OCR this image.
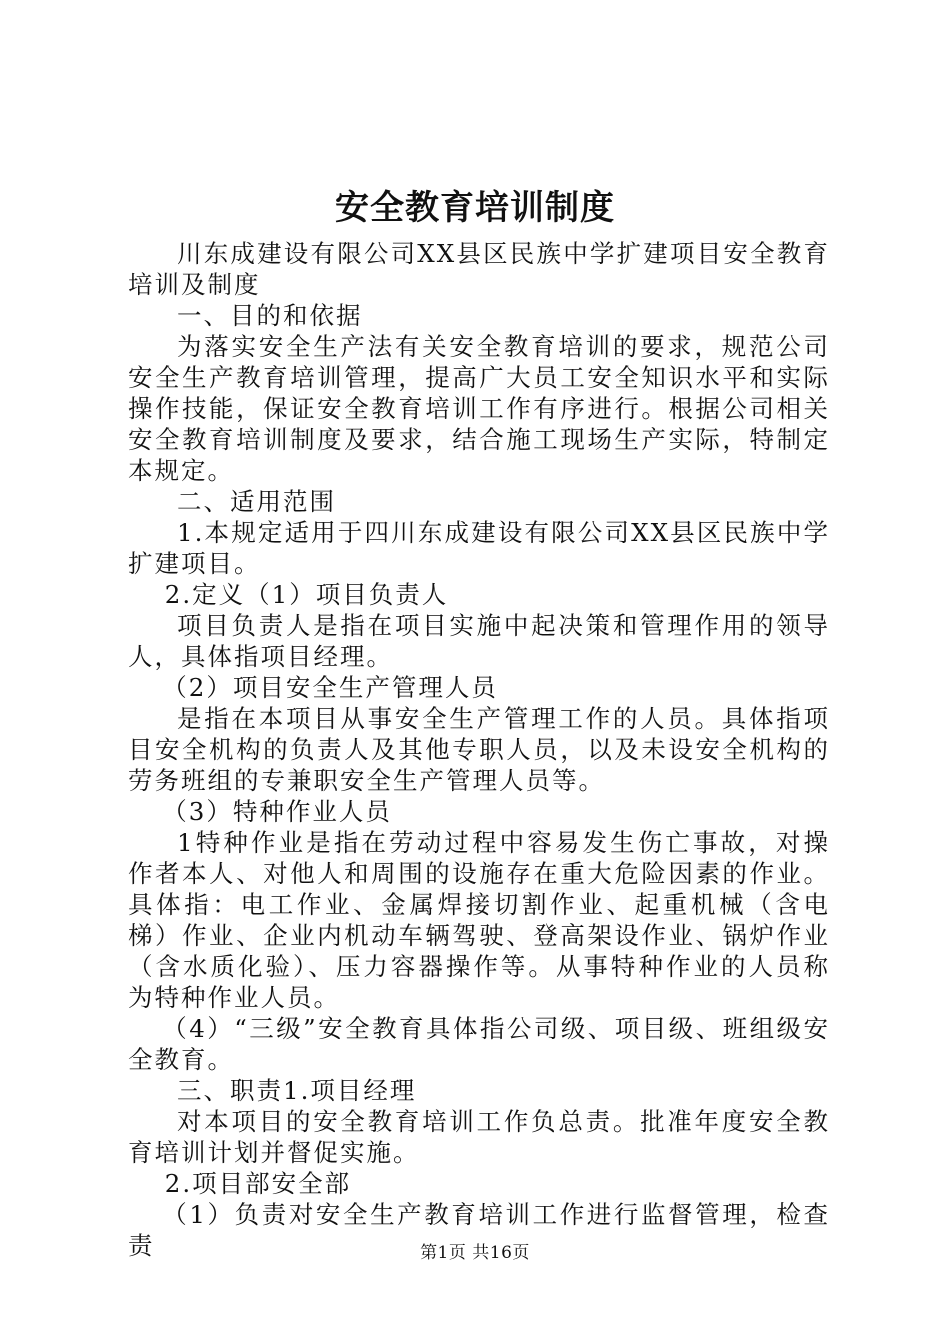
安全教育培训制度

川东成建设有限公司XX县区民族中学扩建项目安全教育培训及制度

一、目的和依据

为落实安全生产法有关安全教育培训的要求，规范公司安全生产教育培训管理，提高广大员工安全知识水平和实际操作技能，保证安全教育培训工作有序进行。根据公司相关安全教育培训制度及要求，结合施工现场生产实际，特制定本规定。

二、适用范围

1.本规定适用于四川东成建设有限公司XX县区民族中学扩建项目。

2.定义（1）项目负责人

项目负责人是指在项目实施中起决策和管理作用的领导人，具体指项目经理。

（2）项目安全生产管理人员

是指在本项目从事安全生产管理工作的人员。具体指项目安全机构的负责人及其他专职人员，以及未设安全机构的劳务班组的专兼职安全生产管理人员等。

（3）特种作业人员

1特种作业是指在劳动过程中容易发生伤亡事故，对操作者本人、对他人和周围的设施存在重大危险因素的作业。具体指：电工作业、金属焊接切割作业、起重机械（含电梯）作业、企业内机动车辆驾驶、登高架设作业、锅炉作业（含水质化验）、压力容器操作等。从事特种作业的人员称为特种作业人员。

（4）“三级”安全教育具体指公司级、项目级、班组级安全教育。

三、职责1.项目经理

对本项目的安全教育培训工作负总责。批准年度安全教育培训计划并督促实施。

2.项目部安全部

（1）负责对安全生产教育培训工作进行监督管理，检查责	第1页 共16页
